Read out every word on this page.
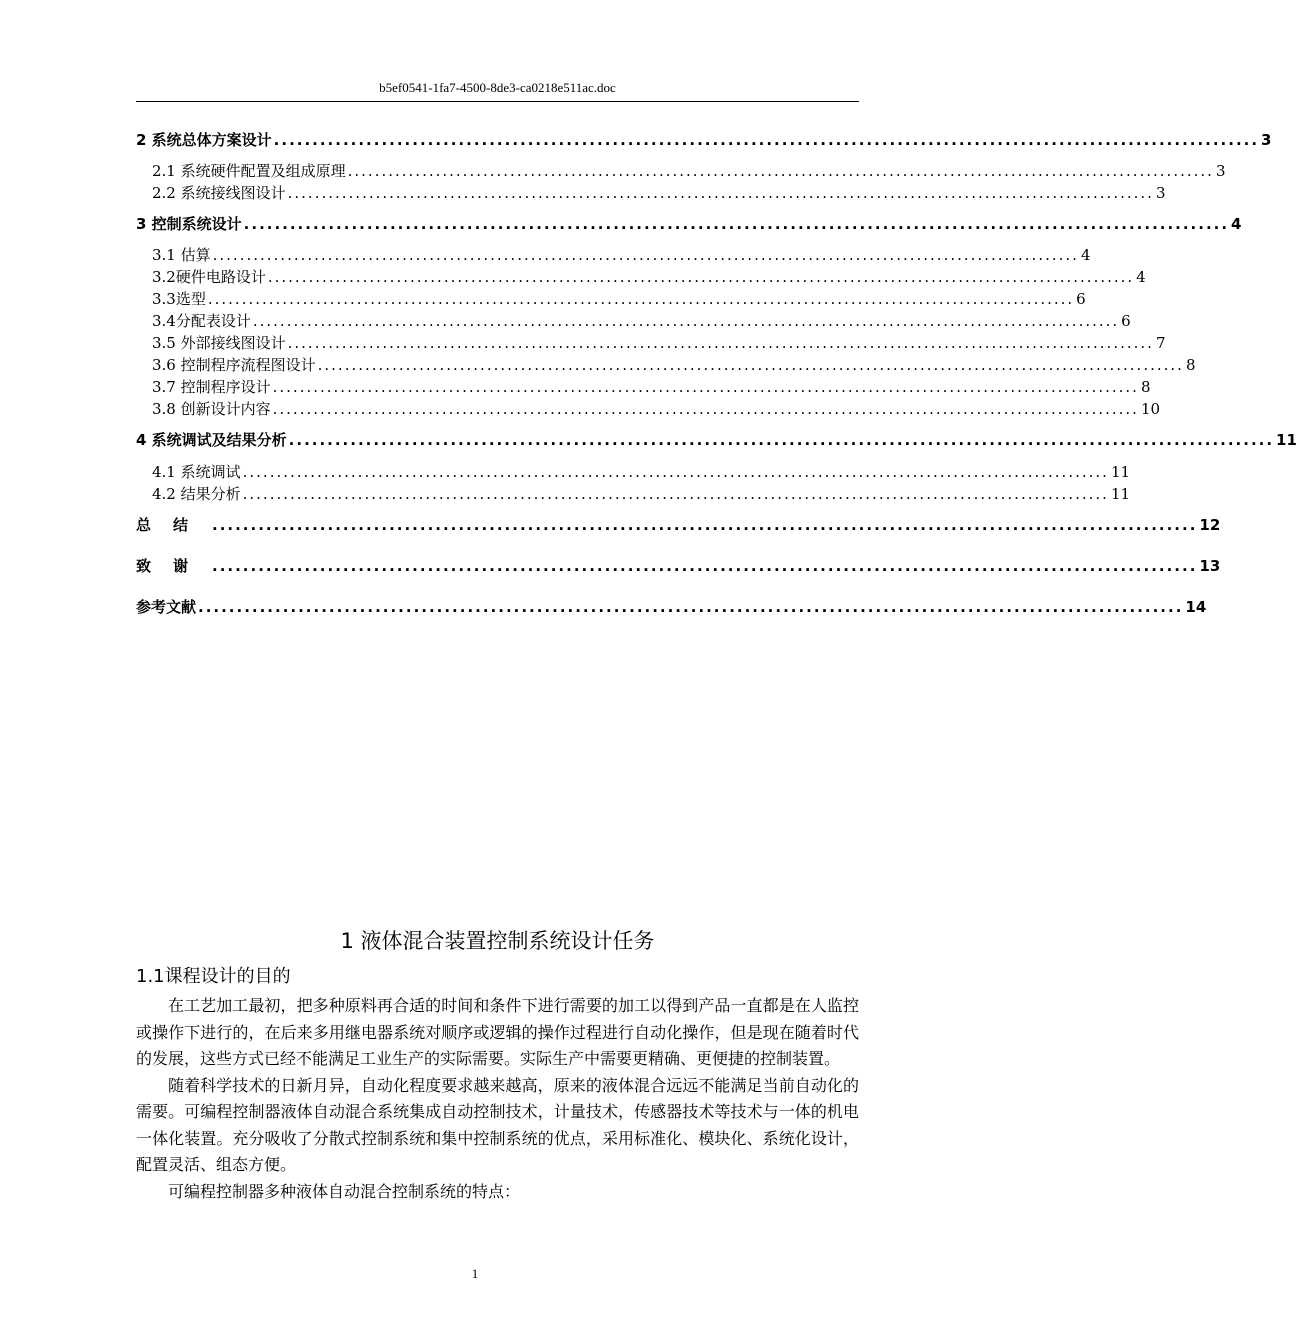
b5ef0541-1fa7-4500-8de3-ca0218e511ac.doc
2 系统总体方案设计 ................................................................................................................................ 3
2.1 系统硬件配置及组成原理 ................................................................................................................................ 3
2.2 系统接线图设计 ................................................................................................................................ 3
3 控制系统设计 ................................................................................................................................ 4
3.1 估算 ................................................................................................................................ 4
3.2硬件电路设计 ................................................................................................................................ 4
3.3选型 ................................................................................................................................ 6
3.4分配表设计 ................................................................................................................................ 6
3.5 外部接线图设计 ................................................................................................................................ 7
3.6 控制程序流程图设计 ................................................................................................................................ 8
3.7 控制程序设计 ................................................................................................................................ 8
3.8 创新设计内容 ................................................................................................................................ 10
4 系统调试及结果分析 ................................................................................................................................ 11
4.1 系统调试 ................................................................................................................................ 11
4.2 结果分析 ................................................................................................................................ 11
总结 ................................................................................................................................ 12
致谢 ................................................................................................................................ 13
参考文献 ................................................................................................................................ 14
1 液体混合装置控制系统设计任务
1.1课程设计的目的

在工艺加工最初，把多种原料再合适的时间和条件下进行需要的加工以得到产品一直都是在人监控或操作下进行的，在后来多用继电器系统对顺序或逻辑的操作过程进行自动化操作，但是现在随着时代的发展，这些方式已经不能满足工业生产的实际需要。实际生产中需要更精确、更便捷的控制装置。

随着科学技术的日新月异，自动化程度要求越来越高，原来的液体混合远远不能满足当前自动化的需要。可编程控制器液体自动混合系统集成自动控制技术，计量技术，传感器技术等技术与一体的机电一体化装置。充分吸收了分散式控制系统和集中控制系统的优点，采用标准化、模块化、系统化设计，配置灵活、组态方便。

可编程控制器多种液体自动混合控制系统的特点：

1
